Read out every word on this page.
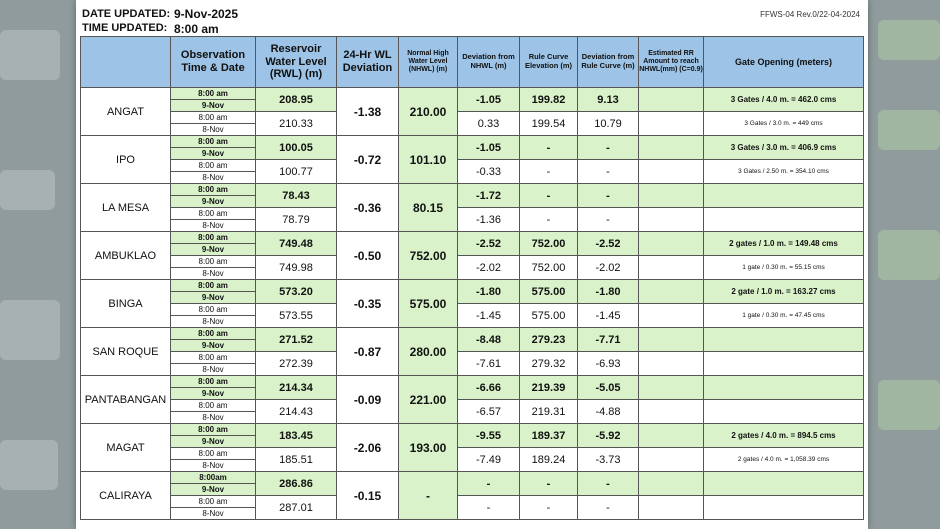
DATE UPDATED: 9-Nov-2025
TIME UPDATED: 8:00 am
FFWS-04 Rev.0/22-04-2024
	Observation Time & Date	Reservoir Water Level (RWL) (m)	24-Hr WL Deviation	Normal High Water Level (NHWL) (m)	Deviation from NHWL (m)	Rule Curve Elevation (m)	Deviation from Rule Curve (m)	Estimated RR Amount to reach NHWL(mm) (C=0.9)	Gate Opening (meters)
ANGAT	8:00 am	208.95	-1.38	210.00	-1.05	199.82	9.13		3 Gates / 4.0 m. = 462.0 cms
	9-Nov								
	8:00 am	210.33			0.33	199.54	10.79		3 Gates / 3.0 m. = 449 cms
	8-Nov								
IPO	8:00 am	100.05	-0.72	101.10	-1.05	-	-		3 Gates / 3.0 m. = 406.9 cms
	9-Nov								
	8:00 am	100.77			-0.33	-	-		3 Gates / 2.50 m. = 354.10 cms
	8-Nov								
LA MESA	8:00 am	78.43	-0.36	80.15	-1.72	-	-		
	9-Nov								
	8:00 am	78.79			-1.36	-	-		
	8-Nov								
AMBUKLAO	8:00 am	749.48	-0.50	752.00	-2.52	752.00	-2.52		2 gates / 1.0 m. = 149.48 cms
	9-Nov								
	8:00 am	749.98			-2.02	752.00	-2.02		1 gate / 0.30 m. = 55.15 cms
	8-Nov								
BINGA	8:00 am	573.20	-0.35	575.00	-1.80	575.00	-1.80		2 gate / 1.0 m. = 163.27 cms
	9-Nov								
	8:00 am	573.55			-1.45	575.00	-1.45		1 gate / 0.30 m. = 47.45 cms
	8-Nov								
SAN ROQUE	8:00 am	271.52	-0.87	280.00	-8.48	279.23	-7.71		
	9-Nov								
	8:00 am	272.39			-7.61	279.32	-6.93		
	8-Nov								
PANTABANGAN	8:00 am	214.34	-0.09	221.00	-6.66	219.39	-5.05		
	9-Nov								
	8:00 am	214.43			-6.57	219.31	-4.88		
	8-Nov								
MAGAT	8:00 am	183.45	-2.06	193.00	-9.55	189.37	-5.92		2 gates / 4.0 m. = 894.5 cms
	9-Nov								
	8:00 am	185.51			-7.49	189.24	-3.73		2 gates / 4.0 m. = 1,058.39 cms
	8-Nov								
CALIRAYA	8:00am	286.86	-0.15	-	-	-	-		
	9-Nov								
	8:00 am	287.01			-	-	-		
	8-Nov								
